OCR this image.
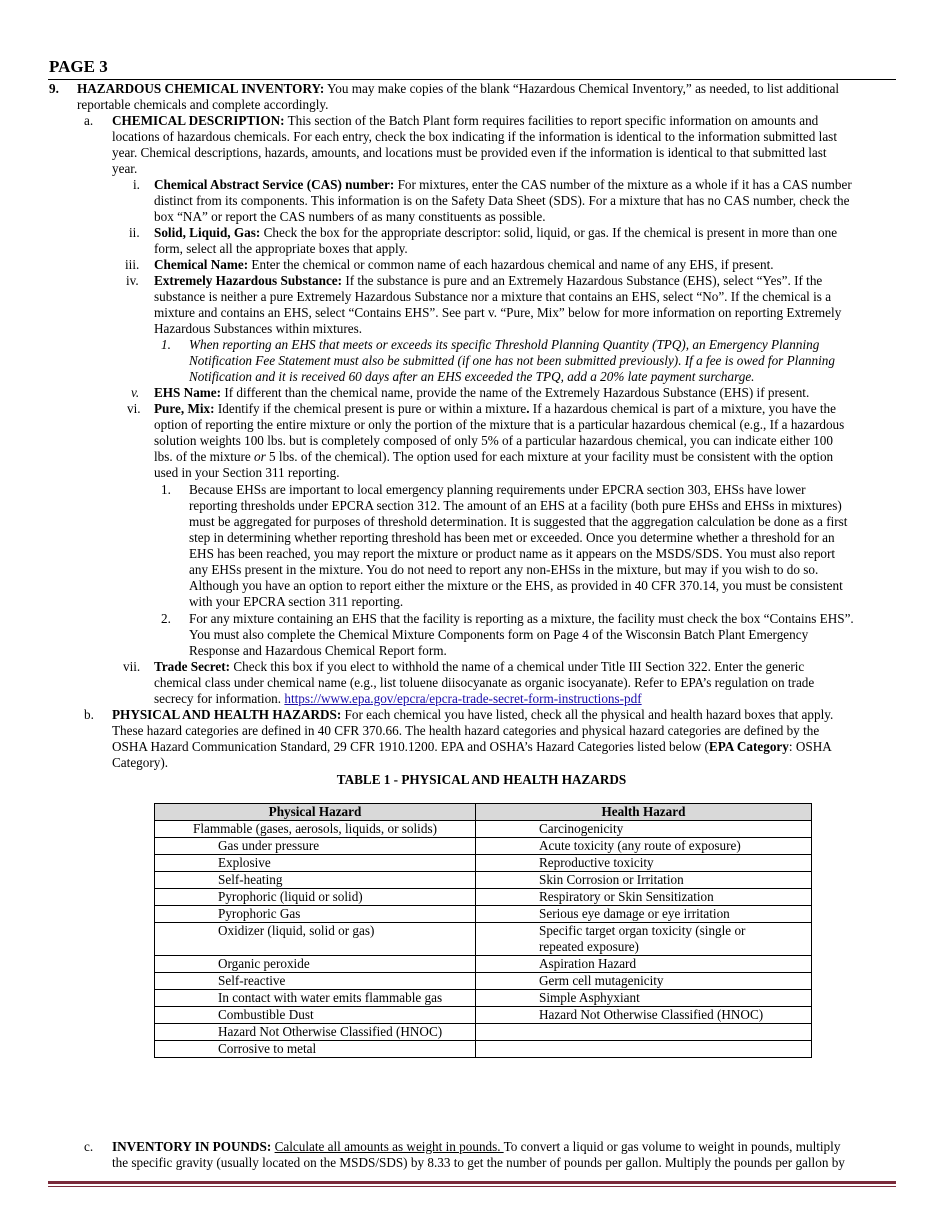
PAGE 3
9. HAZARDOUS CHEMICAL INVENTORY: You may make copies of the blank “Hazardous Chemical Inventory,” as needed, to list additional
reportable chemicals and complete accordingly.
a. CHEMICAL DESCRIPTION: This section of the Batch Plant form requires facilities to report specific information on amounts and
locations of hazardous chemicals. For each entry, check the box indicating if the information is identical to the information submitted last
year. Chemical descriptions, hazards, amounts, and locations must be provided even if the information is identical to that submitted last
year.
i. Chemical Abstract Service (CAS) number: For mixtures, enter the CAS number of the mixture as a whole if it has a CAS number
distinct from its components. This information is on the Safety Data Sheet (SDS). For a mixture that has no CAS number, check the
box “NA” or report the CAS numbers of as many constituents as possible.
ii. Solid, Liquid, Gas: Check the box for the appropriate descriptor: solid, liquid, or gas. If the chemical is present in more than one
form, select all the appropriate boxes that apply.
iii. Chemical Name: Enter the chemical or common name of each hazardous chemical and name of any EHS, if present.
iv. Extremely Hazardous Substance: If the substance is pure and an Extremely Hazardous Substance (EHS), select “Yes”. If the
substance is neither a pure Extremely Hazardous Substance nor a mixture that contains an EHS, select “No”. If the chemical is a
mixture and contains an EHS, select “Contains EHS”. See part v. “Pure, Mix” below for more information on reporting Extremely
Hazardous Substances within mixtures.
1. When reporting an EHS that meets or exceeds its specific Threshold Planning Quantity (TPQ), an Emergency Planning
Notification Fee Statement must also be submitted (if one has not been submitted previously). If a fee is owed for Planning
Notification and it is received 60 days after an EHS exceeded the TPQ, add a 20% late payment surcharge.
v. EHS Name: If different than the chemical name, provide the name of the Extremely Hazardous Substance (EHS) if present.
vi. Pure, Mix: Identify if the chemical present is pure or within a mixture. If a hazardous chemical is part of a mixture, you have the
option of reporting the entire mixture or only the portion of the mixture that is a particular hazardous chemical (e.g., If a hazardous
solution weights 100 lbs. but is completely composed of only 5% of a particular hazardous chemical, you can indicate either 100
lbs. of the mixture or 5 lbs. of the chemical). The option used for each mixture at your facility must be consistent with the option
used in your Section 311 reporting.
1. Because EHSs are important to local emergency planning requirements under EPCRA section 303, EHSs have lower
reporting thresholds under EPCRA section 312. The amount of an EHS at a facility (both pure EHSs and EHSs in mixtures)
must be aggregated for purposes of threshold determination. It is suggested that the aggregation calculation be done as a first
step in determining whether reporting threshold has been met or exceeded. Once you determine whether a threshold for an
EHS has been reached, you may report the mixture or product name as it appears on the MSDS/SDS. You must also report
any EHSs present in the mixture. You do not need to report any non-EHSs in the mixture, but may if you wish to do so.
Although you have an option to report either the mixture or the EHS, as provided in 40 CFR 370.14, you must be consistent
with your EPCRA section 311 reporting.
2. For any mixture containing an EHS that the facility is reporting as a mixture, the facility must check the box “Contains EHS”.
You must also complete the Chemical Mixture Components form on Page 4 of the Wisconsin Batch Plant Emergency
Response and Hazardous Chemical Report form.
vii. Trade Secret: Check this box if you elect to withhold the name of a chemical under Title III Section 322. Enter the generic
chemical class under chemical name (e.g., list toluene diisocyanate as organic isocyanate). Refer to EPA’s regulation on trade
secrecy for information. https://www.epa.gov/epcra/epcra-trade-secret-form-instructions-pdf
b. PHYSICAL AND HEALTH HAZARDS: For each chemical you have listed, check all the physical and health hazard boxes that apply.
These hazard categories are defined in 40 CFR 370.66. The health hazard categories and physical hazard categories are defined by the
OSHA Hazard Communication Standard, 29 CFR 1910.1200. EPA and OSHA’s Hazard Categories listed below (EPA Category: OSHA
Category).
TABLE 1 - PHYSICAL AND HEALTH HAZARDS
Physical Hazard	Health Hazard
Flammable (gases, aerosols, liquids, or solids)	Carcinogenicity
Gas under pressure	Acute toxicity (any route of exposure)
Explosive	Reproductive toxicity
Self-heating	Skin Corrosion or Irritation
Pyrophoric (liquid or solid)	Respiratory or Skin Sensitization
Pyrophoric Gas	Serious eye damage or eye irritation
Oxidizer (liquid, solid or gas)	Specific target organ toxicity (single or repeated exposure)
Organic peroxide	Aspiration Hazard
Self-reactive	Germ cell mutagenicity
In contact with water emits flammable gas	Simple Asphyxiant
Combustible Dust	Hazard Not Otherwise Classified (HNOC)
Hazard Not Otherwise Classified (HNOC)	
Corrosive to metal	
c. INVENTORY IN POUNDS: Calculate all amounts as weight in pounds. To convert a liquid or gas volume to weight in pounds, multiply
the specific gravity (usually located on the MSDS/SDS) by 8.33 to get the number of pounds per gallon. Multiply the pounds per gallon by
